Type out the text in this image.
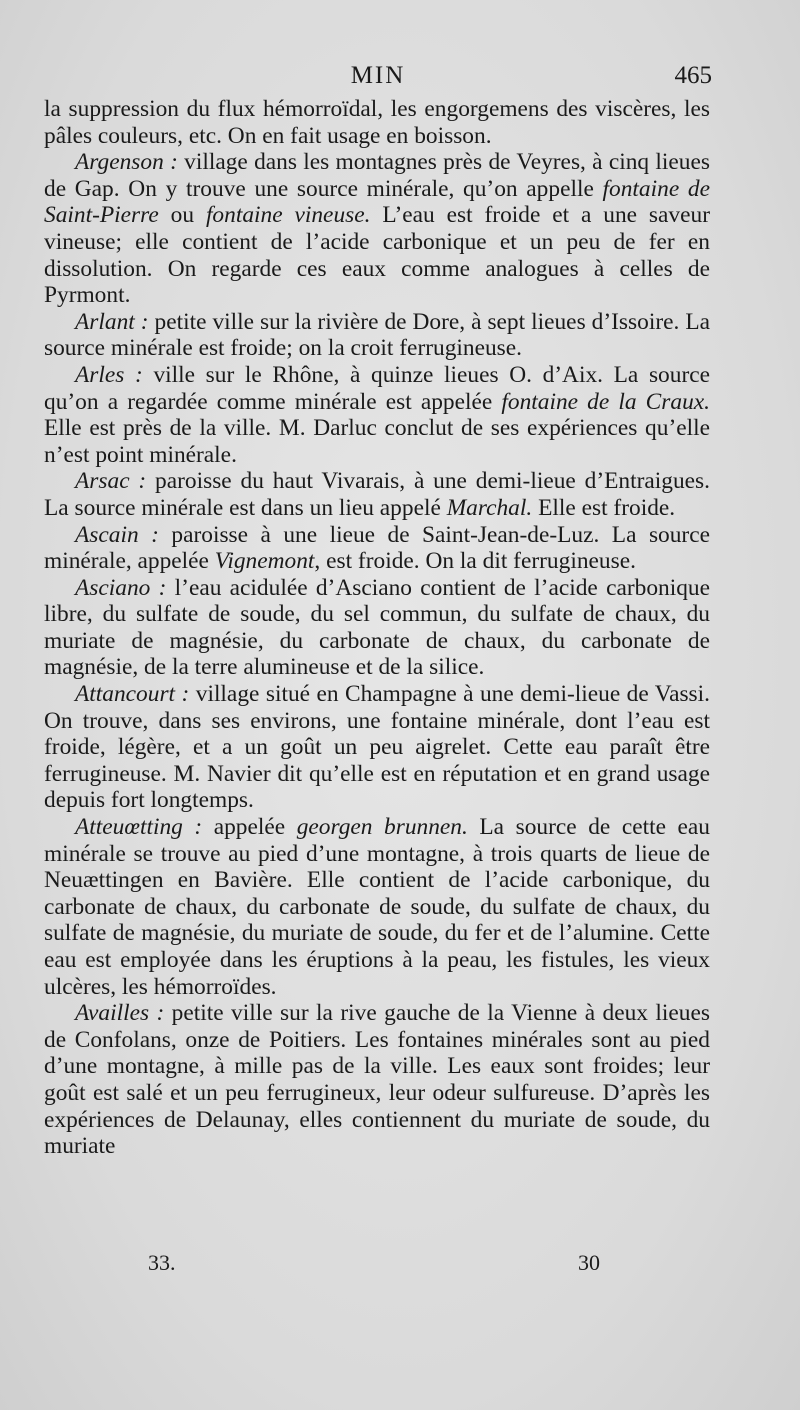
MIN	465

la suppression du flux hémorroïdal, les engorgemens des viscères, les pâles couleurs, etc. On en fait usage en boisson.

Argenson : village dans les montagnes près de Veyres, à cinq lieues de Gap. On y trouve une source minérale, qu’on appelle fontaine de Saint-Pierre ou fontaine vineuse. L’eau est froide et a une saveur vineuse; elle contient de l’acide carbonique et un peu de fer en dissolution. On regarde ces eaux comme analogues à celles de Pyrmont.

Arlant : petite ville sur la rivière de Dore, à sept lieues d’Issoire. La source minérale est froide; on la croit ferrugineuse.

Arles : ville sur le Rhône, à quinze lieues O. d’Aix. La source qu’on a regardée comme minérale est appelée fontaine de la Craux. Elle est près de la ville. M. Darluc conclut de ses expériences qu’elle n’est point minérale.

Arsac : paroisse du haut Vivarais, à une demi-lieue d’Entraigues. La source minérale est dans un lieu appelé Marchal. Elle est froide.

Ascain : paroisse à une lieue de Saint-Jean-de-Luz. La source minérale, appelée Vignemont, est froide. On la dit ferrugineuse.

Asciano : l’eau acidulée d’Asciano contient de l’acide carbonique libre, du sulfate de soude, du sel commun, du sulfate de chaux, du muriate de magnésie, du carbonate de chaux, du carbonate de magnésie, de la terre alumineuse et de la silice.

Attancourt : village situé en Champagne à une demi-lieue de Vassi. On trouve, dans ses environs, une fontaine minérale, dont l’eau est froide, légère, et a un goût un peu aigrelet. Cette eau paraît être ferrugineuse. M. Navier dit qu’elle est en réputation et en grand usage depuis fort longtemps.

Atteuœtting : appelée georgen brunnen. La source de cette eau minérale se trouve au pied d’une montagne, à trois quarts de lieue de Neuættingen en Bavière. Elle contient de l’acide carbonique, du carbonate de chaux, du carbonate de soude, du sulfate de chaux, du sulfate de magnésie, du muriate de soude, du fer et de l’alumine. Cette eau est employée dans les éruptions à la peau, les fistules, les vieux ulcères, les hémorroïdes.

Availles : petite ville sur la rive gauche de la Vienne à deux lieues de Confolans, onze de Poitiers. Les fontaines minérales sont au pied d’une montagne, à mille pas de la ville. Les eaux sont froides; leur goût est salé et un peu ferrugineux, leur odeur sulfureuse. D’après les expériences de Delaunay, elles contiennent du muriate de soude, du muriate

33.	30
